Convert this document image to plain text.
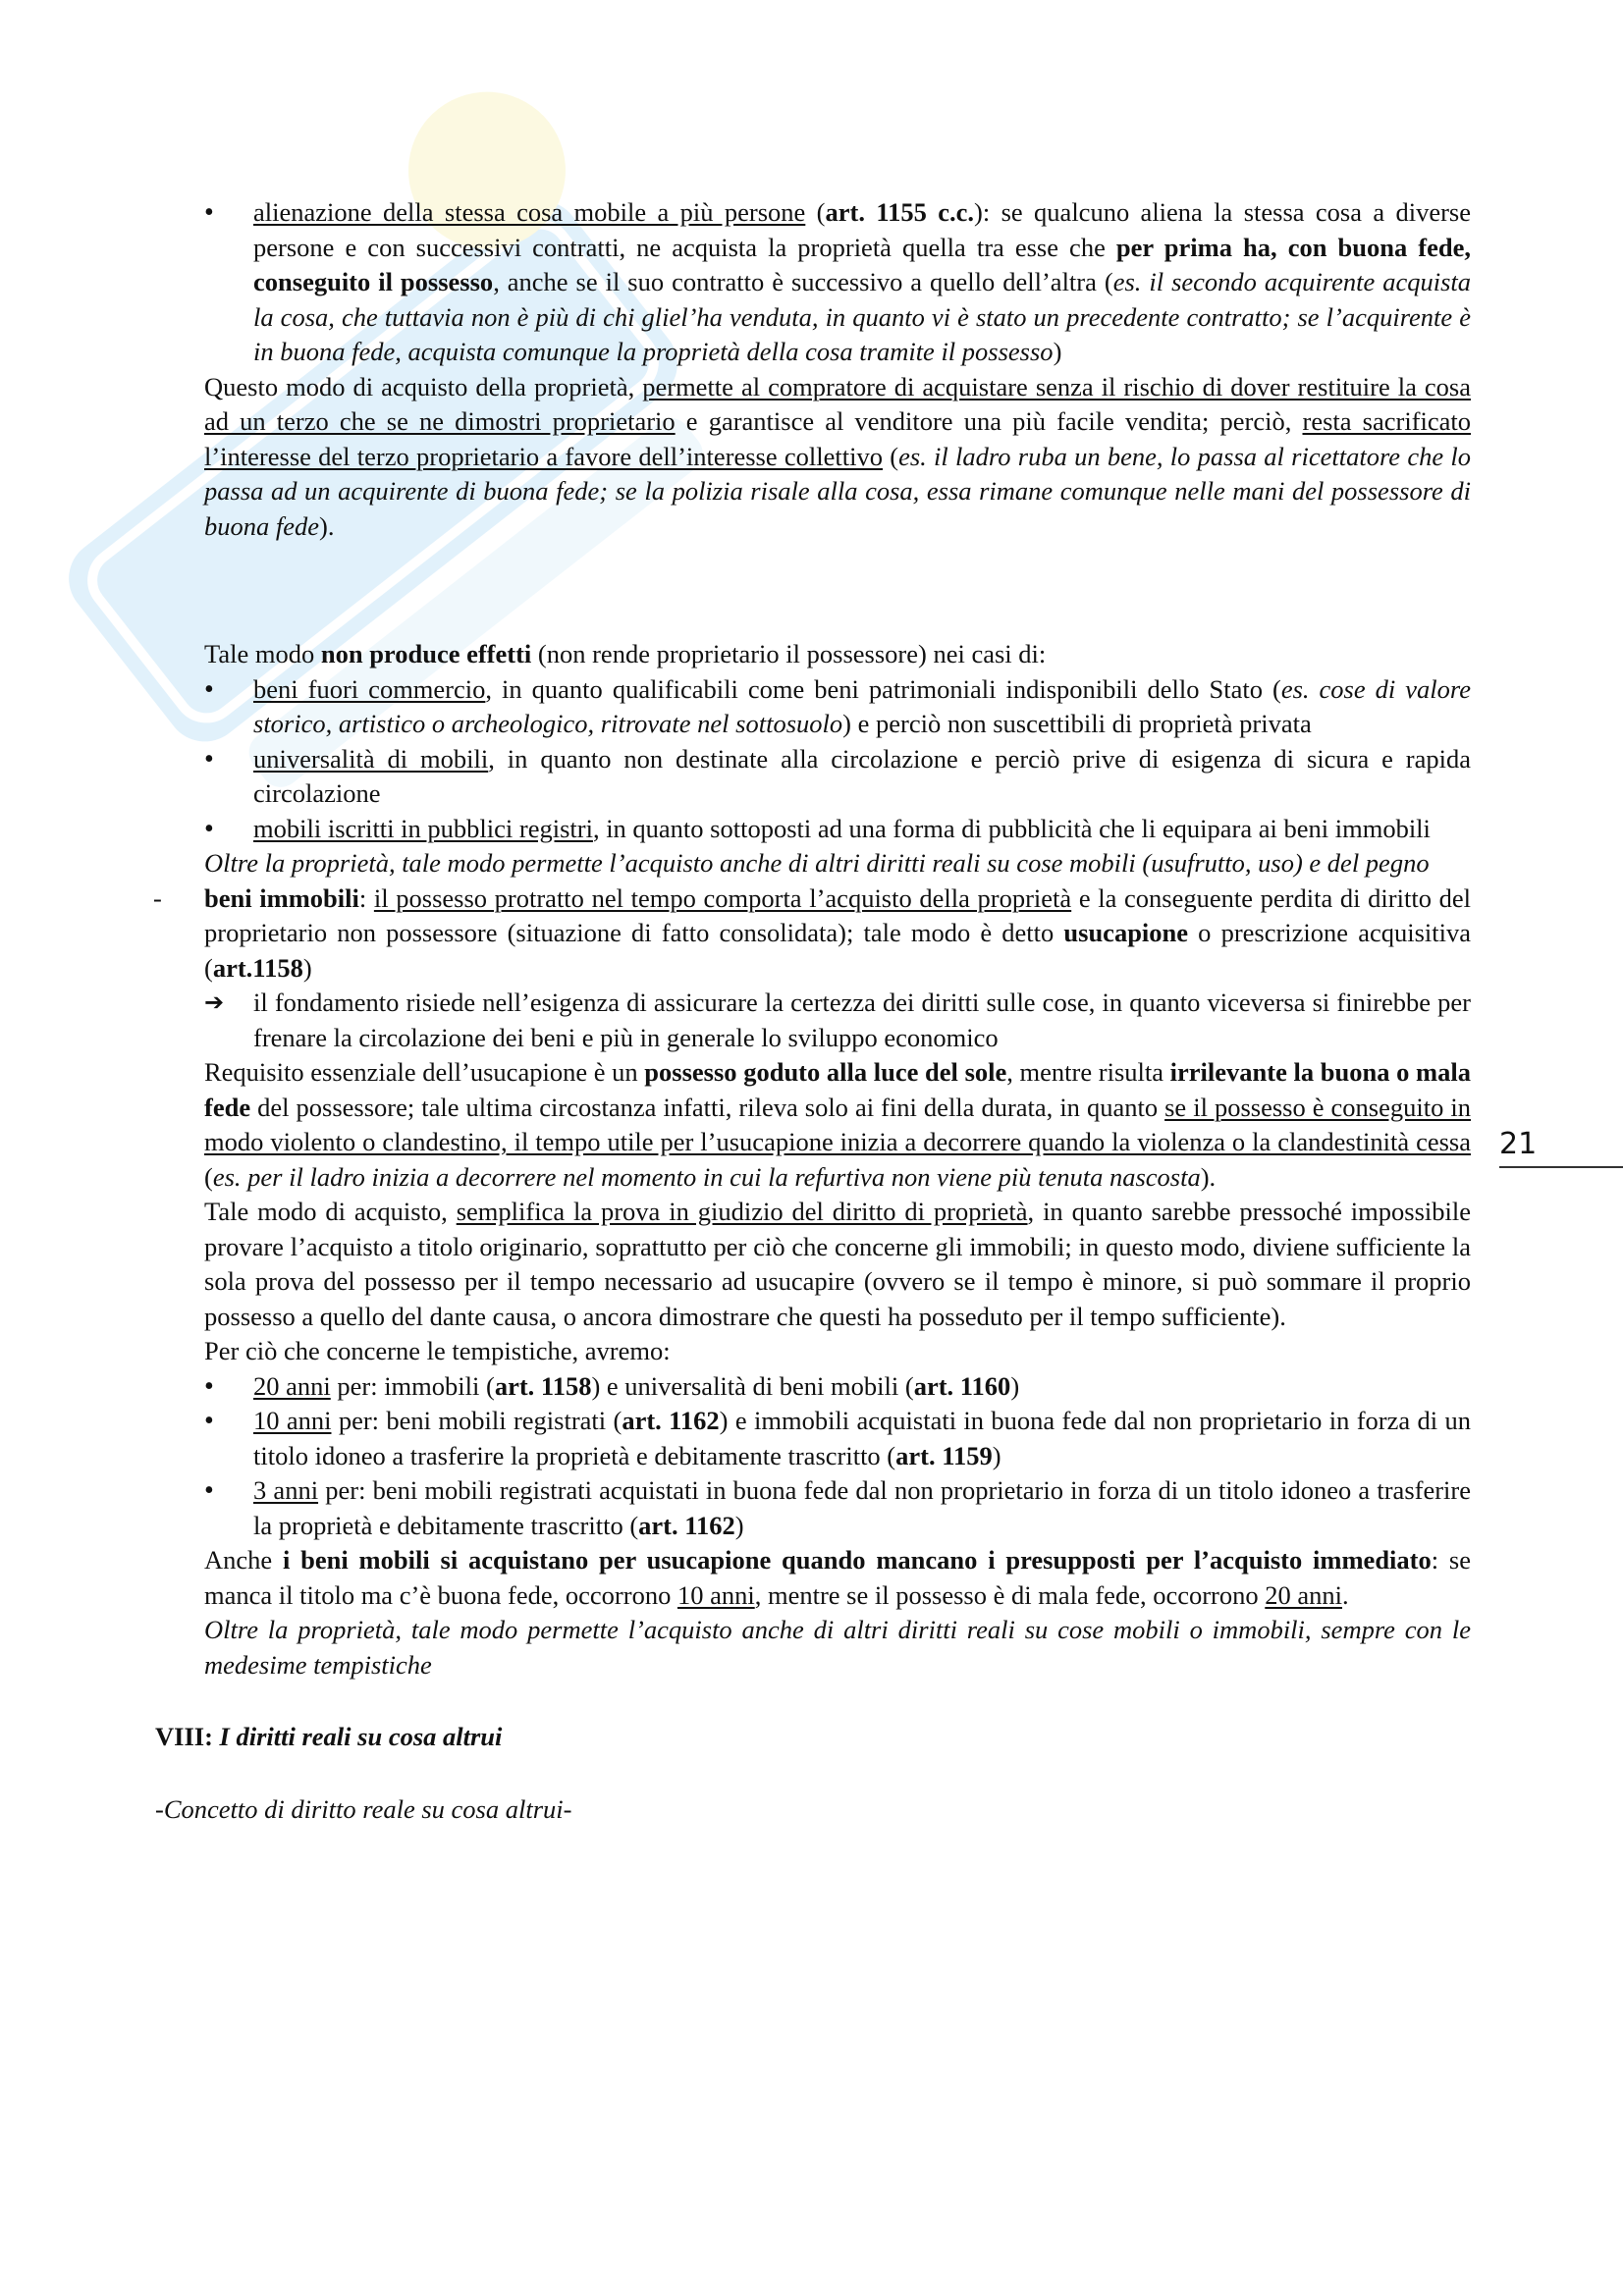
• alienazione della stessa cosa mobile a più persone (art. 1155 c.c.): se qualcuno aliena la stessa cosa a diverse persone e con successivi contratti, ne acquista la proprietà quella tra esse che per prima ha, con buona fede, conseguito il possesso, anche se il suo contratto è successivo a quello dell’altra (es. il secondo acquirente acquista la cosa, che tuttavia non è più di chi gliel’ha venduta, in quanto vi è stato un precedente contratto; se l’acquirente è in buona fede, acquista comunque la proprietà della cosa tramite il possesso)

Questo modo di acquisto della proprietà, permette al compratore di acquistare senza il rischio di dover restituire la cosa ad un terzo che se ne dimostri proprietario e garantisce al venditore una più facile vendita; perciò, resta sacrificato l’interesse del terzo proprietario a favore dell’interesse collettivo (es. il ladro ruba un bene, lo passa al ricettatore che lo passa ad un acquirente di buona fede; se la polizia risale alla cosa, essa rimane comunque nelle mani del possessore di buona fede).

Tale modo non produce effetti (non rende proprietario il possessore) nei casi di:

• beni fuori commercio, in quanto qualificabili come beni patrimoniali indisponibili dello Stato (es. cose di valore storico, artistico o archeologico, ritrovate nel sottosuolo) e perciò non suscettibili di proprietà privata
• universalità di mobili, in quanto non destinate alla circolazione e perciò prive di esigenza di sicura e rapida circolazione
• mobili iscritti in pubblici registri, in quanto sottoposti ad una forma di pubblicità che li equipara ai beni immobili

Oltre la proprietà, tale modo permette l’acquisto anche di altri diritti reali su cose mobili (usufrutto, uso) e del pegno

- beni immobili: il possesso protratto nel tempo comporta l’acquisto della proprietà e la conseguente perdita di diritto del proprietario non possessore (situazione di fatto consolidata); tale modo è detto usucapione o prescrizione acquisitiva (art.1158)
➔ il fondamento risiede nell’esigenza di assicurare la certezza dei diritti sulle cose, in quanto viceversa si finirebbe per frenare la circolazione dei beni e più in generale lo sviluppo economico

Requisito essenziale dell’usucapione è un possesso goduto alla luce del sole, mentre risulta irrilevante la buona o mala fede del possessore; tale ultima circostanza infatti, rileva solo ai fini della durata, in quanto se il possesso è conseguito in modo violento o clandestino, il tempo utile per l’usucapione inizia a decorrere quando la violenza o la clandestinità cessa (es. per il ladro inizia a decorrere nel momento in cui la refurtiva non viene più tenuta nascosta).

Tale modo di acquisto, semplifica la prova in giudizio del diritto di proprietà, in quanto sarebbe pressoché impossibile provare l’acquisto a titolo originario, soprattutto per ciò che concerne gli immobili; in questo modo, diviene sufficiente la sola prova del possesso per il tempo necessario ad usucapire (ovvero se il tempo è minore, si può sommare il proprio possesso a quello del dante causa, o ancora dimostrare che questi ha posseduto per il tempo sufficiente).

Per ciò che concerne le tempistiche, avremo:

• 20 anni per: immobili (art. 1158) e universalità di beni mobili (art. 1160)
• 10 anni per: beni mobili registrati (art. 1162) e immobili acquistati in buona fede dal non proprietario in forza di un titolo idoneo a trasferire la proprietà e debitamente trascritto (art. 1159)
• 3 anni per: beni mobili registrati acquistati in buona fede dal non proprietario in forza di un titolo idoneo a trasferire la proprietà e debitamente trascritto (art. 1162)

Anche i beni mobili si acquistano per usucapione quando mancano i presupposti per l’acquisto immediato: se manca il titolo ma c’è buona fede, occorrono 10 anni, mentre se il possesso è di mala fede, occorrono 20 anni.

Oltre la proprietà, tale modo permette l’acquisto anche di altri diritti reali su cose mobili o immobili, sempre con le medesime tempistiche

VIII: I diritti reali su cosa altrui

-Concetto di diritto reale su cosa altrui-

21
